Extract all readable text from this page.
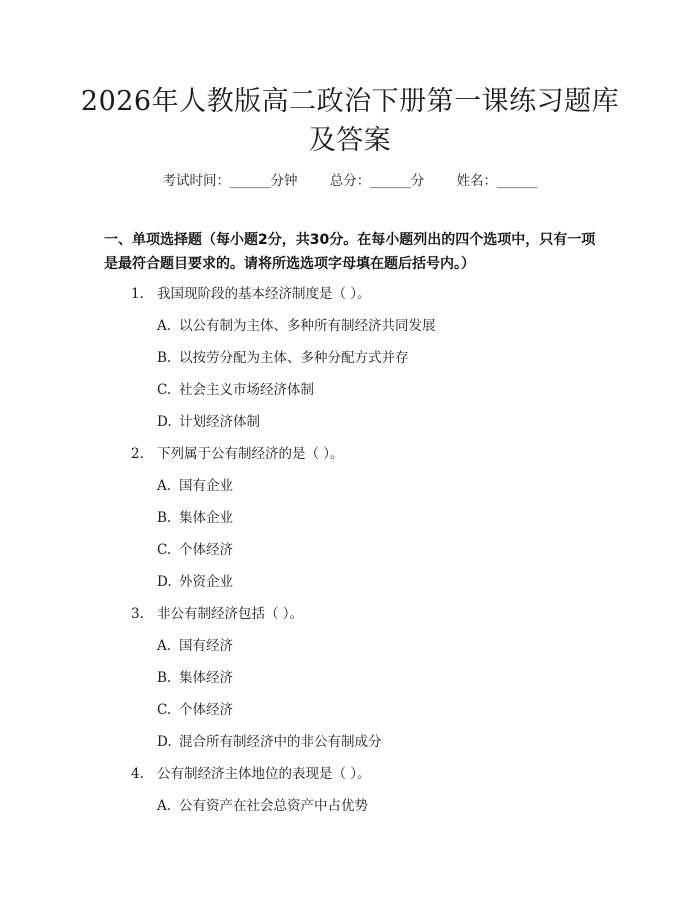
2026年人教版高二政治下册第一课练习题库
及答案
考试时间：______分钟 总分：______分 姓名：______
一、单项选择题（每小题2分，共30分。在每小题列出的四个选项中，只有一项是最符合题目要求的。请将所选选项字母填在题后括号内。）
1. 我国现阶段的基本经济制度是（ ）。
A. 以公有制为主体、多种所有制经济共同发展
B. 以按劳分配为主体、多种分配方式并存
C. 社会主义市场经济体制
D. 计划经济体制
2. 下列属于公有制经济的是（ ）。
A. 国有企业
B. 集体企业
C. 个体经济
D. 外资企业
3. 非公有制经济包括（ ）。
A. 国有经济
B. 集体经济
C. 个体经济
D. 混合所有制经济中的非公有制成分
4. 公有制经济主体地位的表现是（ ）。
A. 公有资产在社会总资产中占优势
